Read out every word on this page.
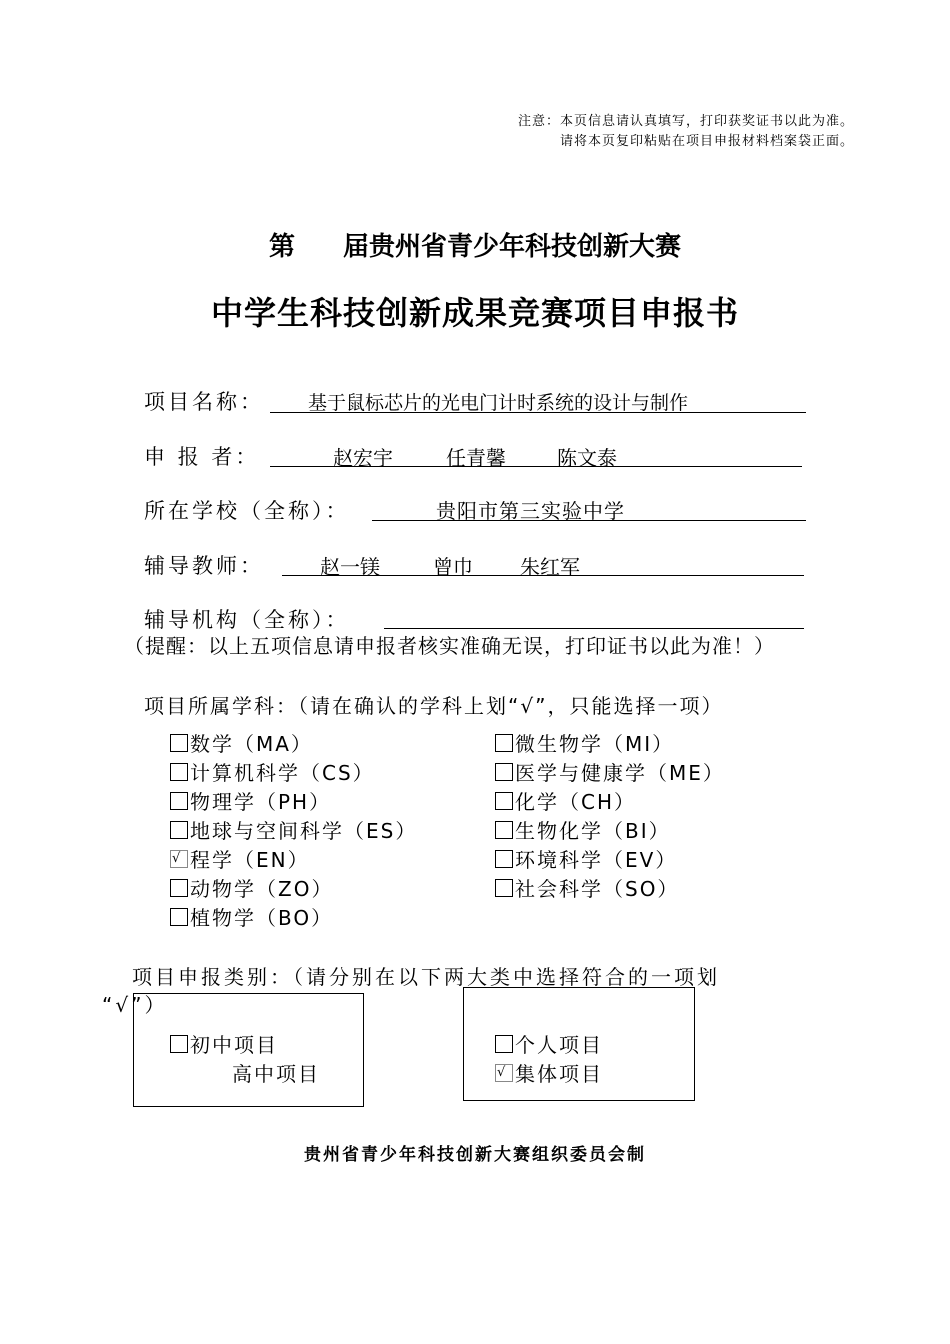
注意：本页信息请认真填写，打印获奖证书以此为准。
请将本页复印粘贴在项目申报材料档案袋正面。
第 届贵州省青少年科技创新大赛
中学生科技创新成果竞赛项目申报书
项目名称： 基于鼠标芯片的光电门计时系统的设计与制作
申 报 者：	赵宏宇	任青馨	陈文泰
所在学校（全称）：	贵阳市第三实验中学
辅导教师：	赵一镁	曾巾 朱红军
辅导机构（全称）：
（提醒：以上五项信息请申报者核实准确无误，打印证书以此为准！）
项目所属学科：（请在确认的学科上划“√”，只能选择一项）
数学（MA）
计算机科学（CS）
物理学（PH）
地球与空间科学（ES）
√
程学（EN）
动物学（ZO）
植物学（BO）
微生物学（MI）
医学与健康学（ME）
化学（CH）
生物化学（BI）
环境科学（EV）
社会科学（SO）
项目申报类别：（请分别在以下两大类中选择符合的一项划
“√”）
初中项目
高中项目
个人项目
√
集体项目
贵州省青少年科技创新大赛组织委员会制
